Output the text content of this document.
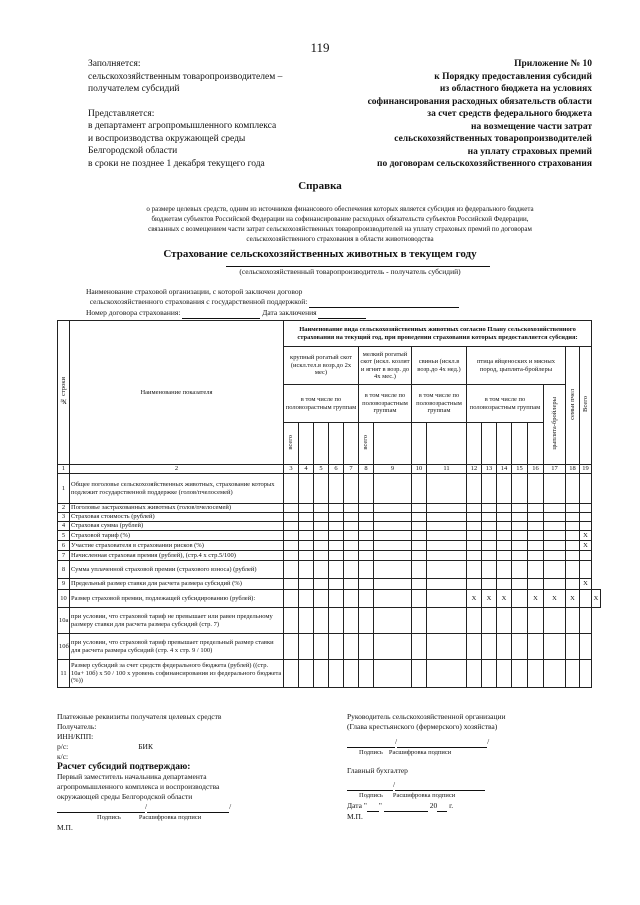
119
Заполняется:
сельскохозяйственным товаропроизводителем –
получателем субсидий
Представляется:
в департамент агропромышленного комплекса
и воспроизводства окружающей среды
Белгородской области
в сроки не позднее 1 декабря текущего года
Приложение № 10
к Порядку предоставления субсидий
из областного бюджета на условиях
софинансирования расходных обязательств области
за счет средств федерального бюджета
на возмещение части затрат
сельскохозяйственных товаропроизводителей
на уплату страховых премий
по договорам сельскохозяйственного страхования
Справка
о размере целевых средств, одним из источников финансового обеспечения которых является субсидия из федерального бюджета
бюджетам субъектов Российской Федерации на софинансирование расходных обязательств субъектов Российской Федерации,
связанных с возмещением части затрат сельскохозяйственных товаропроизводителей на уплату страховых премий по договорам
сельскохозяйственного страхования в области животноводства
Страхование сельскохозяйственных животных в текущем году
(сельскохозяйственный товаропроизводитель - получатель субсидий)
Наименование страховой организации, с которой заключен договор
сельскохозяйственного страхования с государственной поддержкой:
Номер договора страхования:	Дата заключения
№ строки	Наименование показателя	Наименование вида сельскохозяйственных животных согласно Плану сельскохозяйственного страхования на текущий год, при проведении страхования которых предоставляется субсидия:																	
		крупный рогатый скот (искл.тел.в возр.до 2х мес)					мелкий рогатый скот (искл. козлят и ягнят в возр. до 4х мес.)		свиньи (искл.в возр.до 4х нед.)		птица яйценоских и мясных пород, цыплята-бройлеры						семьи пчел	Всего	
		в том числе по половозрастным группам					в том числе по половозрастным группам		в том числе по половозрастным группам		в том числе по половозрастным группам					цыплята-бройлеры			
		всего					всего												
1	2	3	4	5	6	7	8	9	10	11	12	13	14	15	16	17	18	19	
1	Общее поголовье сельскохозяйственных животных, страхование которых подлежит государственной поддержке (голов/пчелосемей)																		
2	Поголовье застрахованных животных (голов/пчелосемей)																		
3	Страховая стоимость (рублей)																		
4	Страховая сумма (рублей)																		
5	Страховой тариф (%)																	X	
6	Участие страхователя в страховании рисков (%)																	X	
7	Начисленная страховая премия (рублей), (стр.4 х стр.5/100)																		
8	Сумма уплаченной страховой премии (страхового взноса) (рублей)																		
9	Предельный размер ставки для расчета размера субсидий (%)																	X	
10	Размер страховой премии, подлежащей субсидированию (рублей):										X	X	X		X	X	X		X
10а	при условии, что страховой тариф не превышает или равен предельному размеру ставки для расчета размера субсидий (стр. 7)																		
10б	при условии, что страховой тариф превышает предельный размер ставки для расчета размера субсидий (стр. 4 х стр. 9 / 100)																		
11	Размер субсидий за счет средств федерального бюджета (рублей) ((стр. 10а+ 10б) х 50 / 100 х уровень софинансирования из федерального бюджета (%))																		
Платежные реквизиты получателя целевых средств
Получатель:
ИНН/КПП:
р/с:	БИК
к/с:
Расчет субсидий подтверждаю:
Первый заместитель начальника департамента
агропромышленного комплекса и воспроизводства
окружающей среды Белгородской области
/	/
Подпись	Расшифровка подписи
М.П.
Руководитель сельскохозяйственной организации
(Глава крестьянского (фермерского) хозяйства)
/	/
Подпись Расшифровка подписи
Главный бухгалтер
/
Подпись Расшифровка подписи
Дата " "	20 г.
М.П.
